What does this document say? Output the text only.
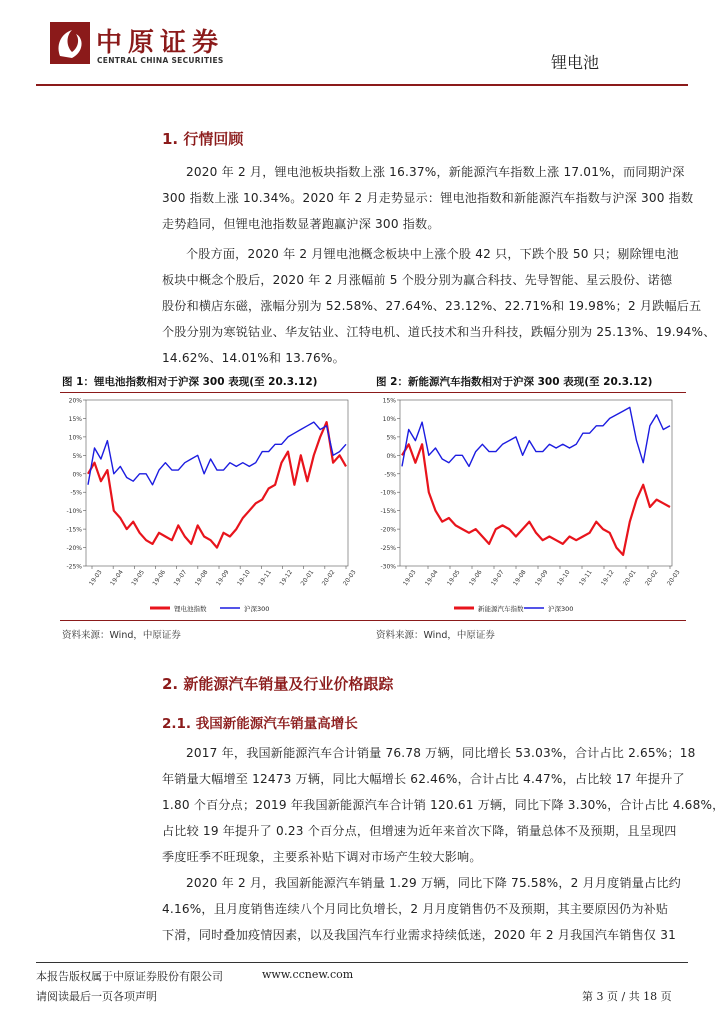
中原证券
CENTRAL CHINA SECURITIES	锂电池
1. 行情回顾
2020 年 2 月，锂电池板块指数上涨 16.37%，新能源汽车指数上涨 17.01%，而同期沪深
300 指数上涨 10.34%。2020 年 2 月走势显示：锂电池指数和新能源汽车指数与沪深 300 指数
走势趋同，但锂电池指数显著跑赢沪深 300 指数。
个股方面，2020 年 2 月锂电池概念板块中上涨个股 42 只，下跌个股 50 只；剔除锂电池
板块中概念个股后，2020 年 2 月涨幅前 5 个股分别为赢合科技、先导智能、星云股份、诺德
股份和横店东磁，涨幅分别为 52.58%、27.64%、23.12%、22.71%和 19.98%；2 月跌幅后五
个股分别为寒锐钴业、华友钴业、江特电机、道氏技术和当升科技，跌幅分别为 25.13%、19.94%、
14.62%、14.01%和 13.76%。
图 1：锂电池指数相对于沪深 300 表现(至 20.3.12)	图 2：新能源汽车指数相对于沪深 300 表现(至 20.3.12)
20%
15%
10%
5%
0%
-5%
-10%
-15%
-20%
-25%
19-03 19-04 19-05 19-06 19-07 19-08 19-09 19-10 19-11 19-12 20-01 20-02 20-03
锂电池指数	沪深300
15%
10%
5%
0%
-5%
-10%
-15%
-20%
-25%
-30%
19-03 19-04 19-05 19-06 19-07 19-08 19-09 19-10 19-11 19-12 20-01 20-02 20-03
新能源汽车指数	沪深300
资料来源：Wind，中原证券	资料来源：Wind，中原证券
2. 新能源汽车销量及行业价格跟踪
2.1. 我国新能源汽车销量高增长
2017 年，我国新能源汽车合计销量 76.78 万辆，同比增长 53.03%，合计占比 2.65%；18
年销量大幅增至 12473 万辆，同比大幅增长 62.46%，合计占比 4.47%，占比较 17 年提升了
1.80 个百分点；2019 年我国新能源汽车合计销 120.61 万辆，同比下降 3.30%，合计占比 4.68%，
占比较 19 年提升了 0.23 个百分点，但增速为近年来首次下降，销量总体不及预期，且呈现四
季度旺季不旺现象，主要系补贴下调对市场产生较大影响。
2020 年 2 月，我国新能源汽车销量 1.29 万辆，同比下降 75.58%，2 月月度销量占比约
4.16%，且月度销售连续八个月同比负增长，2 月月度销售仍不及预期，其主要原因仍为补贴
下滑，同时叠加疫情因素，以及我国汽车行业需求持续低迷，2020 年 2 月我国汽车销售仅 31
本报告版权属于中原证券股份有限公司	www.ccnew.com
请阅读最后一页各项声明	第 3 页 / 共 18 页
